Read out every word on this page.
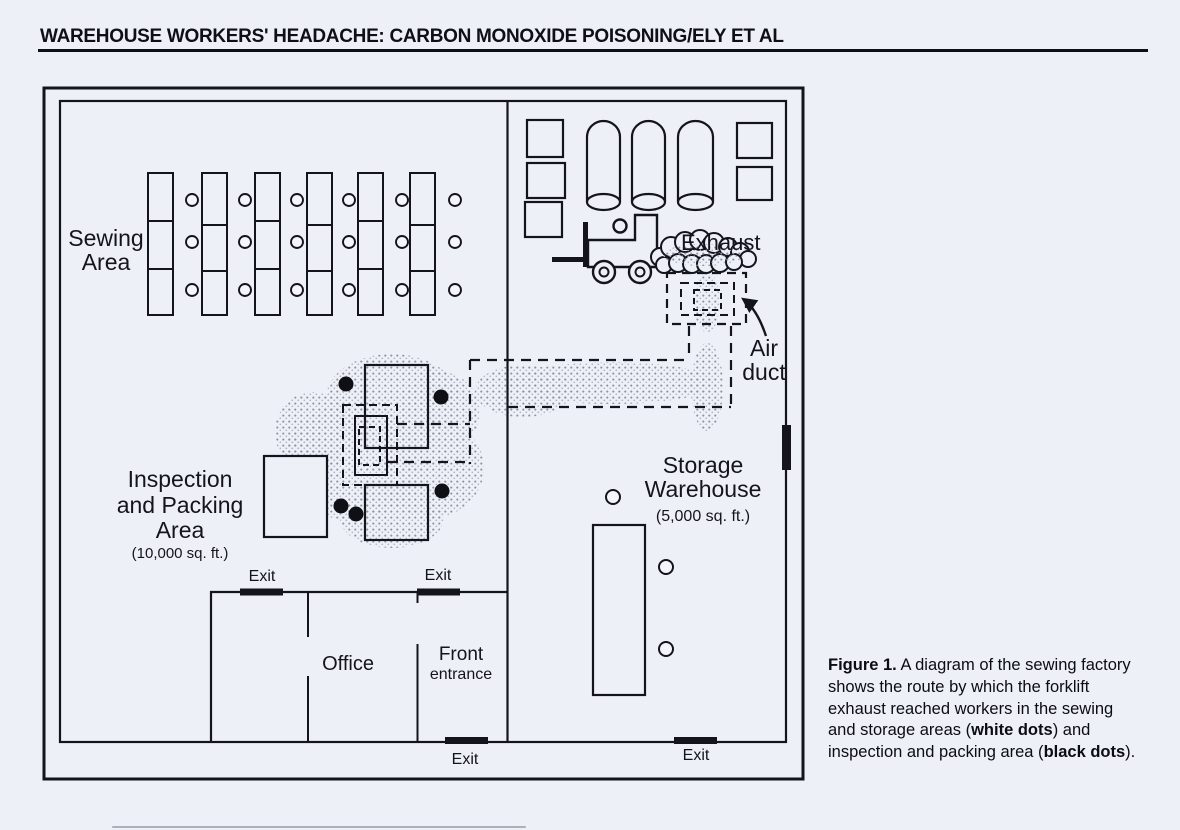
WAREHOUSE WORKERS' HEADACHE: CARBON MONOXIDE POISONING/ELY ET AL
Sewing
Area
Exhaust
Air
duct
Storage
Warehouse
(5,000 sq. ft.)
Inspection
and Packing
Area
(10,000 sq. ft.)
Office	Front
entrance
Exit	Exit
Exit	Exit
Figure 1. A diagram of the sewing factory shows the route by which the forklift exhaust reached workers in the sewing and storage areas (white dots) and inspection and packing area (black dots).
